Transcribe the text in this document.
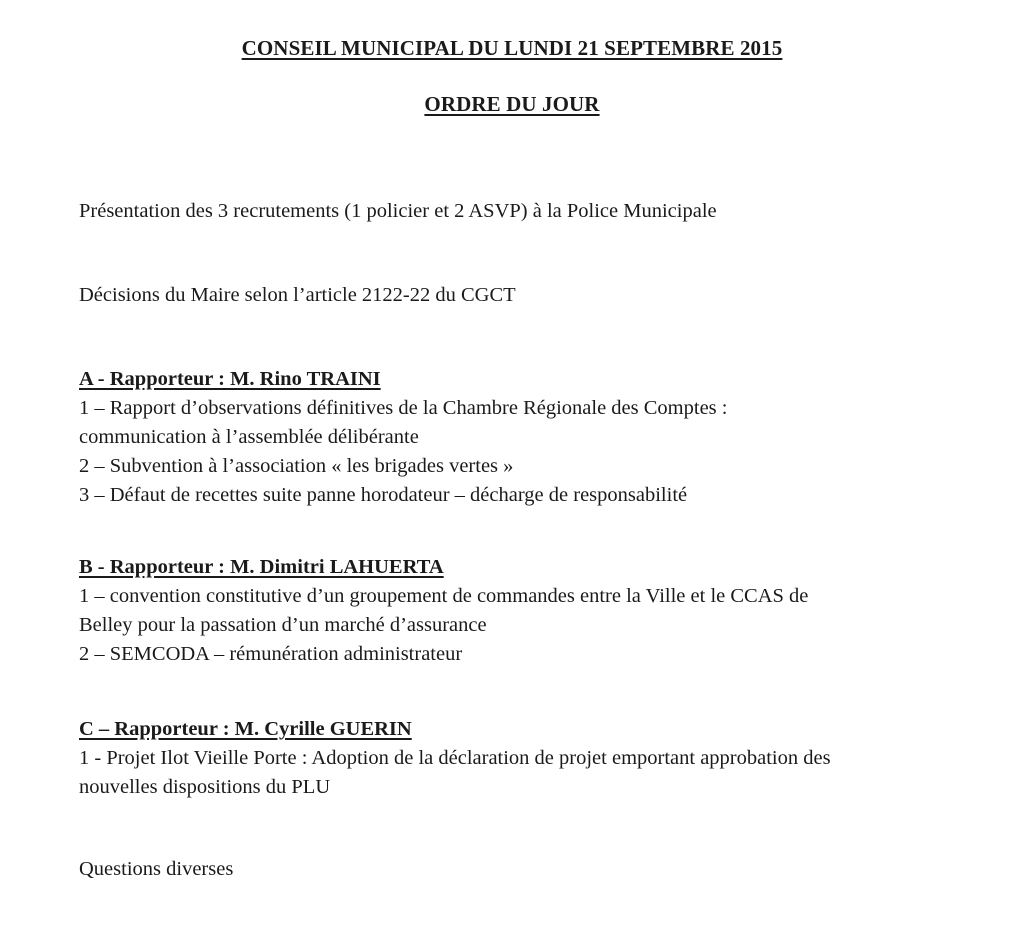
CONSEIL MUNICIPAL DU LUNDI 21 SEPTEMBRE 2015
ORDRE DU JOUR
Présentation des 3 recrutements (1 policier et 2 ASVP) à la Police Municipale
Décisions du Maire selon l’article 2122-22 du CGCT
A - Rapporteur : M. Rino TRAINI
1 – Rapport d’observations définitives de la Chambre Régionale des Comptes :
communication à l’assemblée délibérante
2 – Subvention à l’association « les brigades vertes »
3 – Défaut de recettes suite panne horodateur – décharge de responsabilité
B - Rapporteur : M. Dimitri LAHUERTA
1 – convention constitutive d’un groupement de commandes entre la Ville et le CCAS de
Belley pour la passation d’un marché d’assurance
2 – SEMCODA – rémunération administrateur
C – Rapporteur : M. Cyrille GUERIN
1 - Projet Ilot Vieille Porte : Adoption de la déclaration de projet emportant approbation des
nouvelles dispositions du PLU
Questions diverses
